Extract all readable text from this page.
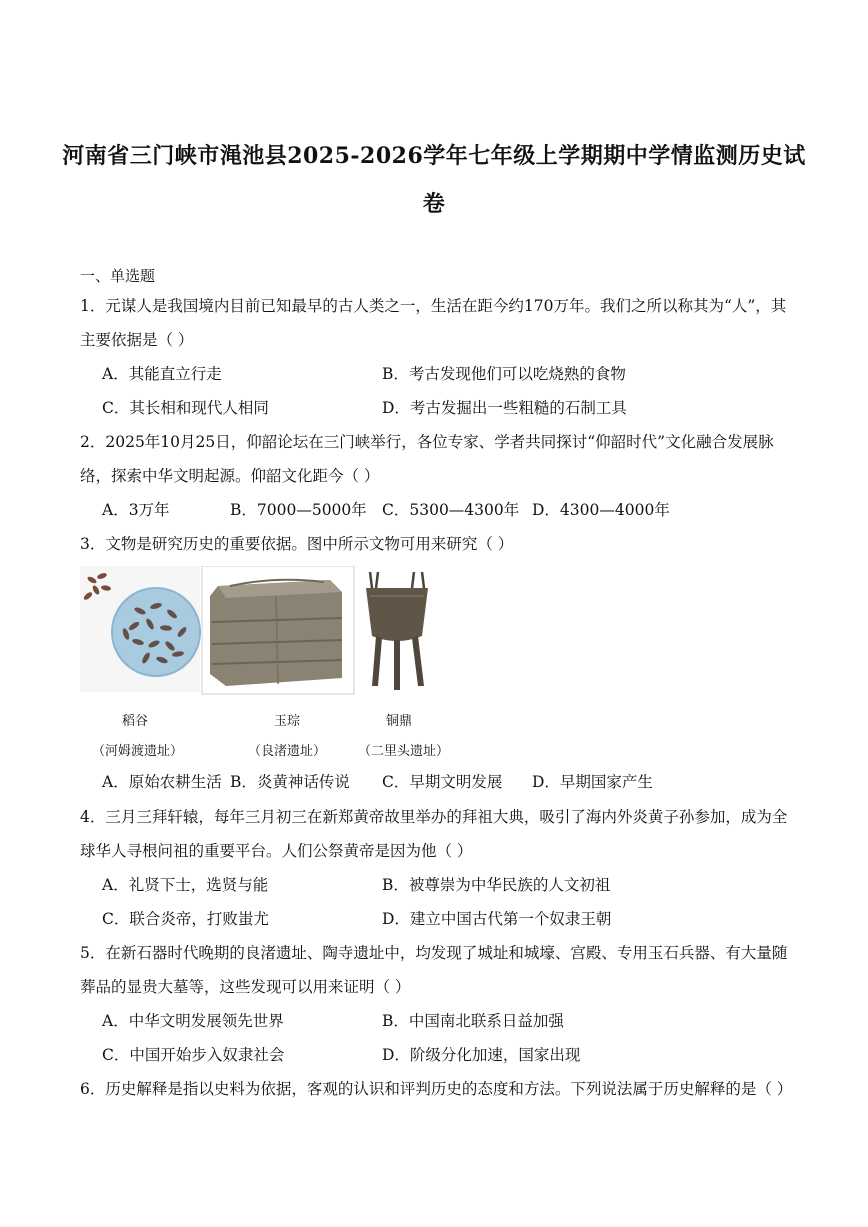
河南省三门峡市渑池县2025-2026学年七年级上学期期中学情监测历史试卷
一、单选题
1．元谋人是我国境内目前已知最早的古人类之一，生活在距今约170万年。我们之所以称其为“人”，其主要依据是（ ）
A．其能直立行走	B．考古发现他们可以吃烧熟的食物
C．其长相和现代人相同	D．考古发掘出一些粗糙的石制工具
2．2025年10月25日，仰韶论坛在三门峡举行，各位专家、学者共同探讨“仰韶时代”文化融合发展脉络，探索中华文明起源。仰韶文化距今（ ）
A．3万年	B．7000—5000年 C．5300—4300年 D．4300—4000年
3．文物是研究历史的重要依据。图中所示文物可用来研究（ ）
稻谷
（河姆渡遗址）
玉琮
（良渚遗址）
铜鼎
（二里头遗址）
A．原始农耕生活 B．炎黄神话传说 C．早期文明发展 D．早期国家产生
4．三月三拜轩辕，每年三月初三在新郑黄帝故里举办的拜祖大典，吸引了海内外炎黄子孙参加，成为全球华人寻根问祖的重要平台。人们公祭黄帝是因为他（ ）
A．礼贤下士，选贤与能	B．被尊崇为中华民族的人文初祖
C．联合炎帝，打败蚩尤	D．建立中国古代第一个奴隶王朝
5．在新石器时代晚期的良渚遗址、陶寺遗址中，均发现了城址和城壕、宫殿、专用玉石兵器、有大量随葬品的显贵大墓等，这些发现可以用来证明（ ）
A．中华文明发展领先世界	B．中国南北联系日益加强
C．中国开始步入奴隶社会	D．阶级分化加速，国家出现
6．历史解释是指以史料为依据，客观的认识和评判历史的态度和方法。下列说法属于历史解释的是（ ）
